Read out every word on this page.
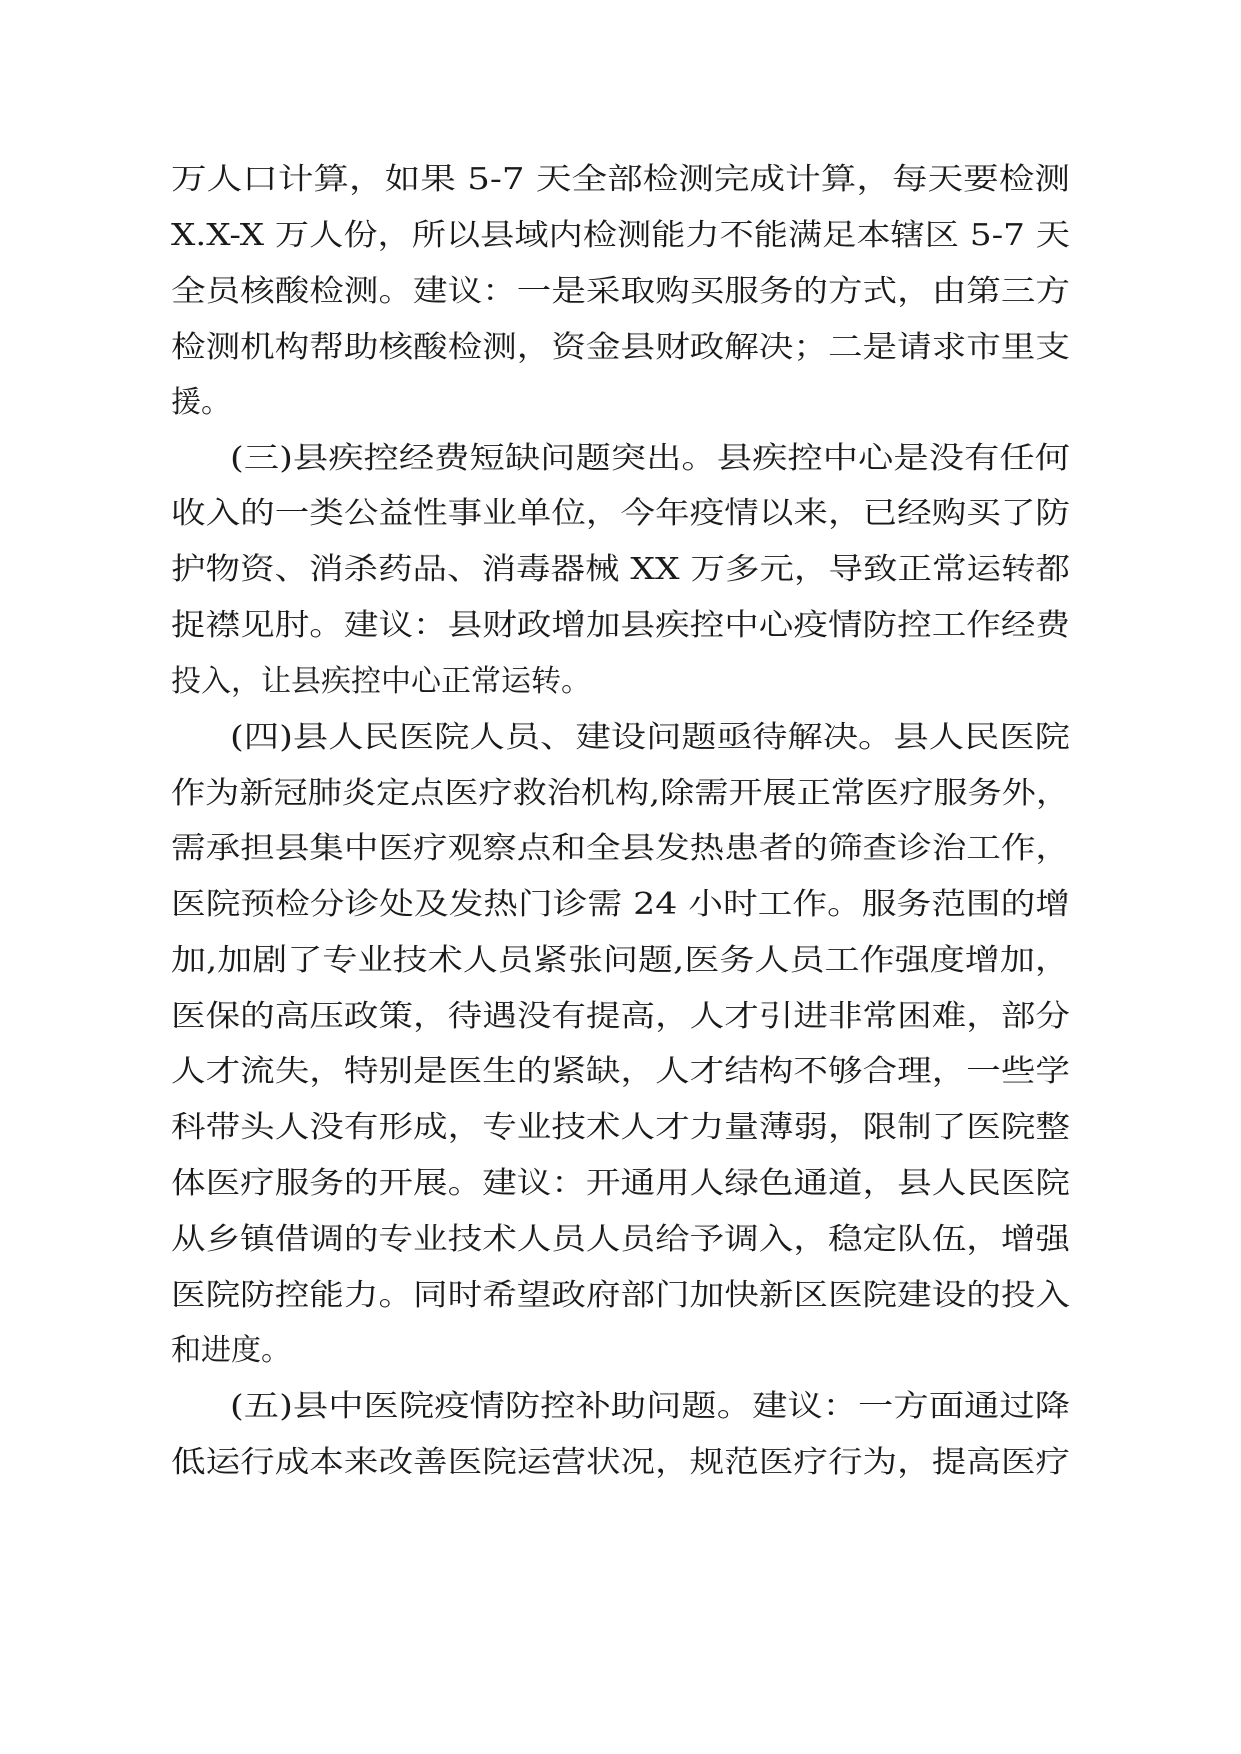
万人口计算，如果 5-7 天全部检测完成计算，每天要检测
X.X-X 万人份，所以县域内检测能力不能满足本辖区 5-7 天
全员核酸检测。建议：一是采取购买服务的方式，由第三方
检测机构帮助核酸检测，资金县财政解决；二是请求市里支
援。
(三)县疾控经费短缺问题突出。县疾控中心是没有任何
收入的一类公益性事业单位，今年疫情以来，已经购买了防
护物资、消杀药品、消毒器械 XX 万多元，导致正常运转都
捉襟见肘。建议：县财政增加县疾控中心疫情防控工作经费
投入，让县疾控中心正常运转。
(四)县人民医院人员、建设问题亟待解决。县人民医院
作为新冠肺炎定点医疗救治机构,除需开展正常医疗服务外，
需承担县集中医疗观察点和全县发热患者的筛查诊治工作，
医院预检分诊处及发热门诊需 24 小时工作。服务范围的增
加,加剧了专业技术人员紧张问题,医务人员工作强度增加，
医保的高压政策，待遇没有提高，人才引进非常困难，部分
人才流失，特别是医生的紧缺，人才结构不够合理，一些学
科带头人没有形成，专业技术人才力量薄弱，限制了医院整
体医疗服务的开展。建议：开通用人绿色通道，县人民医院
从乡镇借调的专业技术人员人员给予调入，稳定队伍，增强
医院防控能力。同时希望政府部门加快新区医院建设的投入
和进度。
(五)县中医院疫情防控补助问题。建议：一方面通过降
低运行成本来改善医院运营状况，规范医疗行为，提高医疗
